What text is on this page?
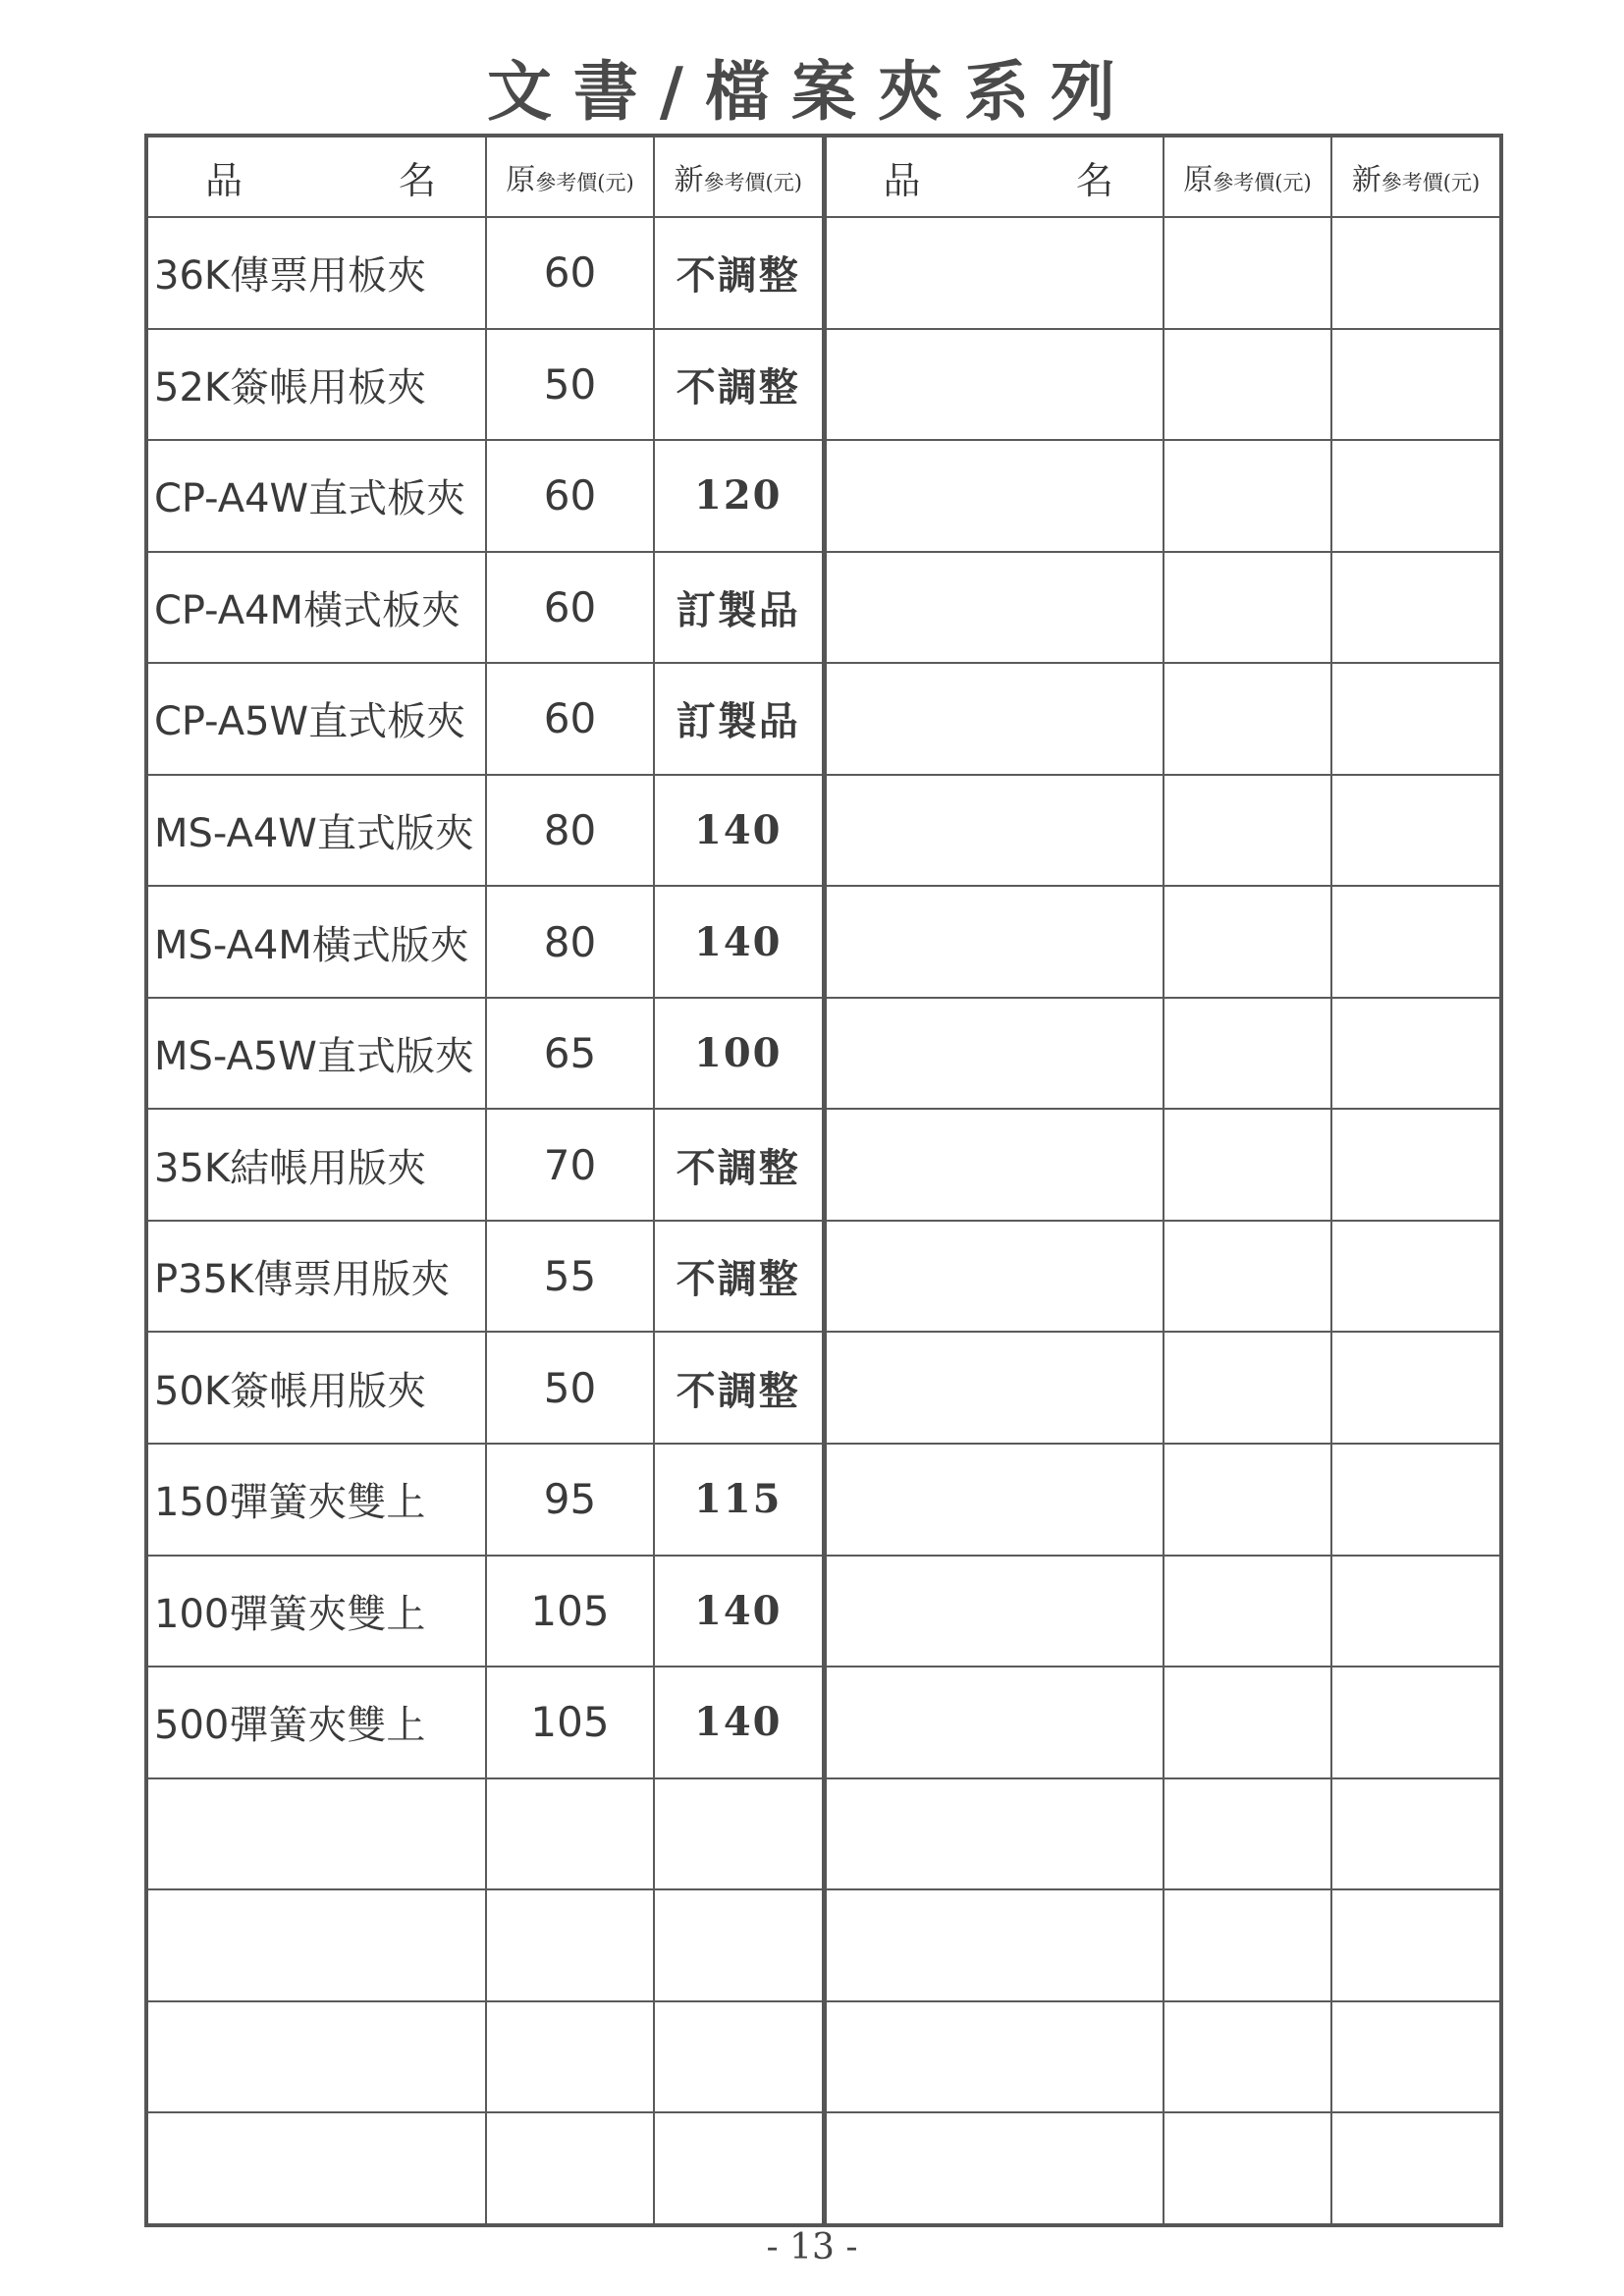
文書/檔案夾系列
品 名	原參考價(元)	新參考價(元)	品 名	原參考價(元)	新參考價(元)
36K傳票用板夾	60	不調整			
52K簽帳用板夾	50	不調整			
CP-A4W直式板夾	60	120			
CP-A4M橫式板夾	60	訂製品			
CP-A5W直式板夾	60	訂製品			
MS-A4W直式版夾	80	140			
MS-A4M橫式版夾	80	140			
MS-A5W直式版夾	65	100			
35K結帳用版夾	70	不調整			
P35K傳票用版夾	55	不調整			
50K簽帳用版夾	50	不調整			
150彈簧夾雙上	95	115			
100彈簧夾雙上	105	140			
500彈簧夾雙上	105	140			

- 13 -
